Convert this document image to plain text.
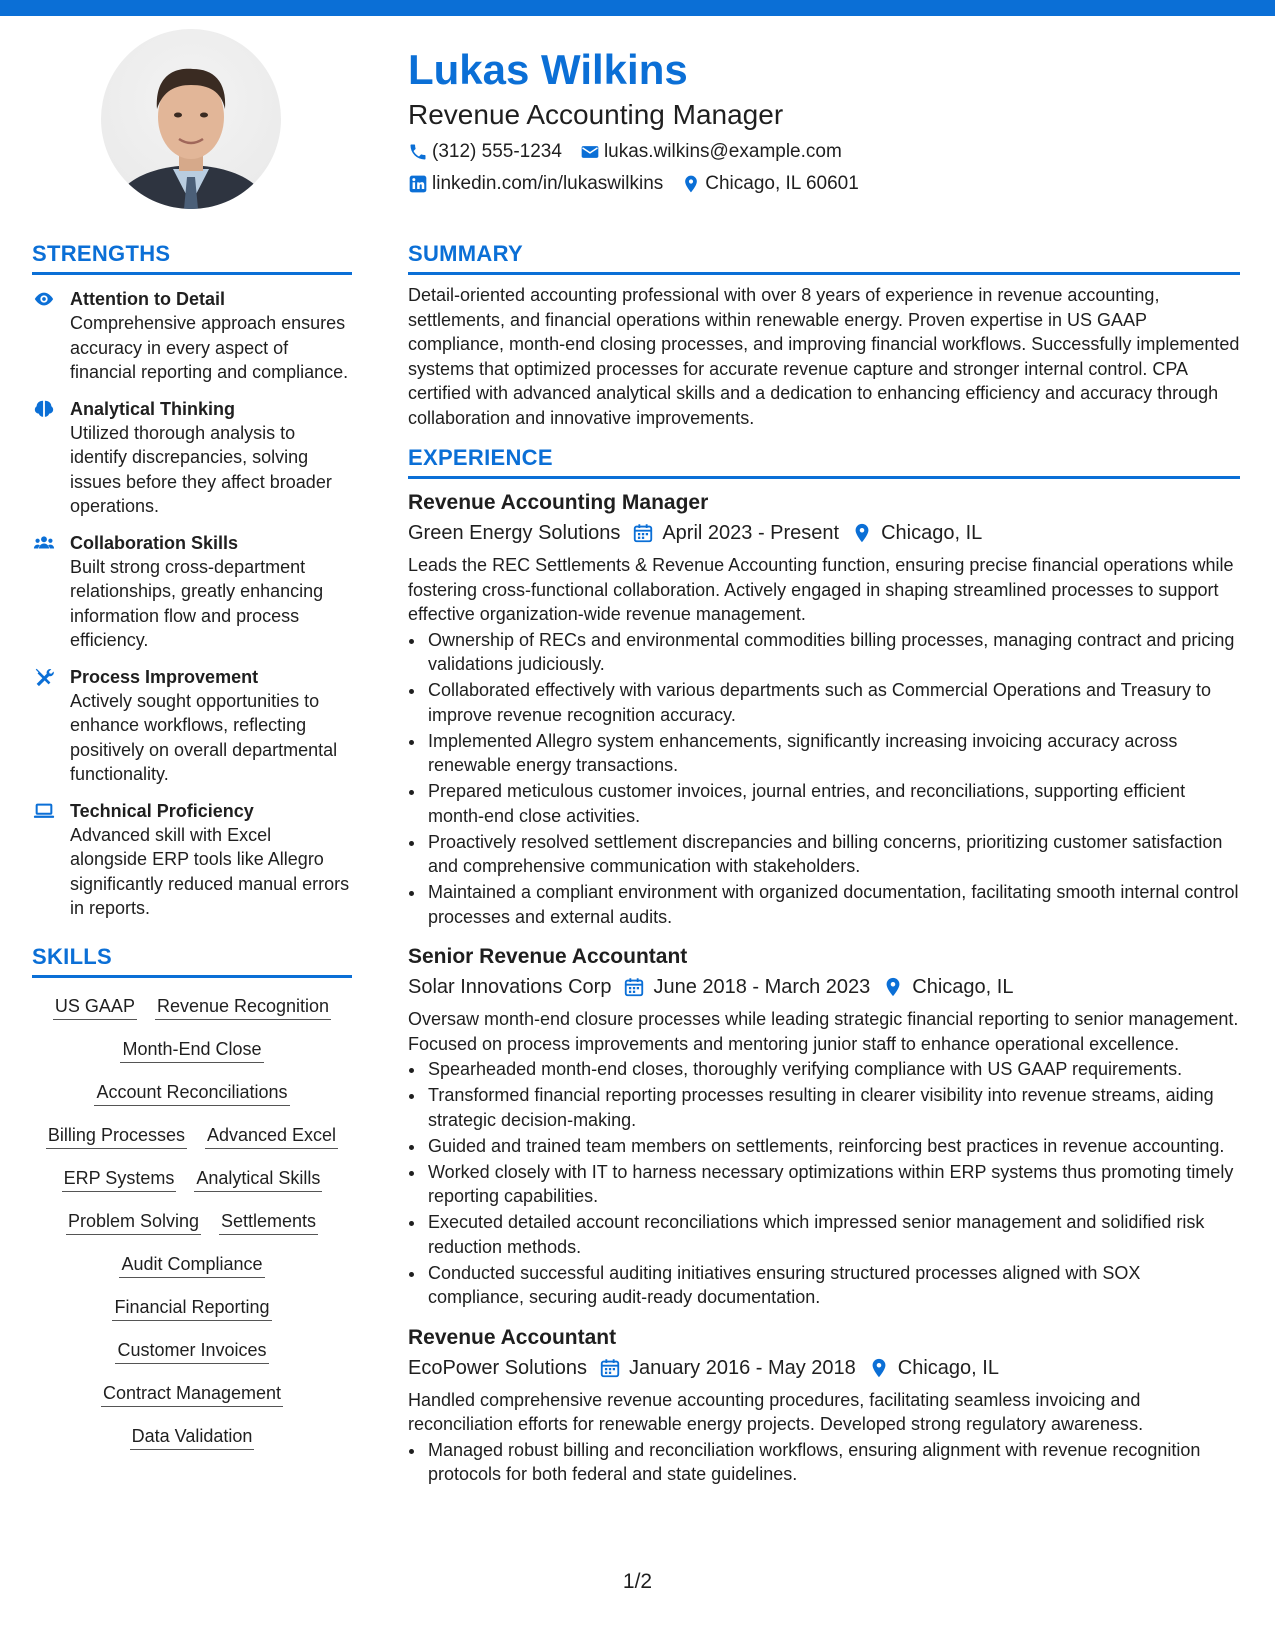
Lukas Wilkins
Revenue Accounting Manager
(312) 555-1234 lukas.wilkins@example.com
linkedin.com/in/lukaswilkins Chicago, IL 60601
STRENGTHS
Attention to Detail
Comprehensive approach ensures accuracy in every aspect of financial reporting and compliance.
Analytical Thinking
Utilized thorough analysis to identify discrepancies, solving issues before they affect broader operations.
Collaboration Skills
Built strong cross-department relationships, greatly enhancing information flow and process efficiency.
Process Improvement
Actively sought opportunities to enhance workflows, reflecting positively on overall departmental functionality.
Technical Proficiency
Advanced skill with Excel alongside ERP tools like Allegro significantly reduced manual errors in reports.
SKILLS
US GAAP Revenue Recognition
Month-End Close
Account Reconciliations
Billing Processes Advanced Excel
ERP Systems Analytical Skills
Problem Solving Settlements
Audit Compliance
Financial Reporting
Customer Invoices
Contract Management
Data Validation
SUMMARY
Detail-oriented accounting professional with over 8 years of experience in revenue accounting, settlements, and financial operations within renewable energy. Proven expertise in US GAAP compliance, month-end closing processes, and improving financial workflows. Successfully implemented systems that optimized processes for accurate revenue capture and stronger internal control. CPA certified with advanced analytical skills and a dedication to enhancing efficiency and accuracy through collaboration and innovative improvements.
EXPERIENCE
Revenue Accounting Manager
Green Energy Solutions April 2023 - Present Chicago, IL
Leads the REC Settlements & Revenue Accounting function, ensuring precise financial operations while fostering cross-functional collaboration. Actively engaged in shaping streamlined processes to support effective organization-wide revenue management.
• Ownership of RECs and environmental commodities billing processes, managing contract and pricing validations judiciously.
• Collaborated effectively with various departments such as Commercial Operations and Treasury to improve revenue recognition accuracy.
• Implemented Allegro system enhancements, significantly increasing invoicing accuracy across renewable energy transactions.
• Prepared meticulous customer invoices, journal entries, and reconciliations, supporting efficient month-end close activities.
• Proactively resolved settlement discrepancies and billing concerns, prioritizing customer satisfaction and comprehensive communication with stakeholders.
• Maintained a compliant environment with organized documentation, facilitating smooth internal control processes and external audits.
Senior Revenue Accountant
Solar Innovations Corp June 2018 - March 2023 Chicago, IL
Oversaw month-end closure processes while leading strategic financial reporting to senior management. Focused on process improvements and mentoring junior staff to enhance operational excellence.
• Spearheaded month-end closes, thoroughly verifying compliance with US GAAP requirements.
• Transformed financial reporting processes resulting in clearer visibility into revenue streams, aiding strategic decision-making.
• Guided and trained team members on settlements, reinforcing best practices in revenue accounting.
• Worked closely with IT to harness necessary optimizations within ERP systems thus promoting timely reporting capabilities.
• Executed detailed account reconciliations which impressed senior management and solidified risk reduction methods.
• Conducted successful auditing initiatives ensuring structured processes aligned with SOX compliance, securing audit-ready documentation.
Revenue Accountant
EcoPower Solutions January 2016 - May 2018 Chicago, IL
Handled comprehensive revenue accounting procedures, facilitating seamless invoicing and reconciliation efforts for renewable energy projects. Developed strong regulatory awareness.
• Managed robust billing and reconciliation workflows, ensuring alignment with revenue recognition protocols for both federal and state guidelines.
1/2
